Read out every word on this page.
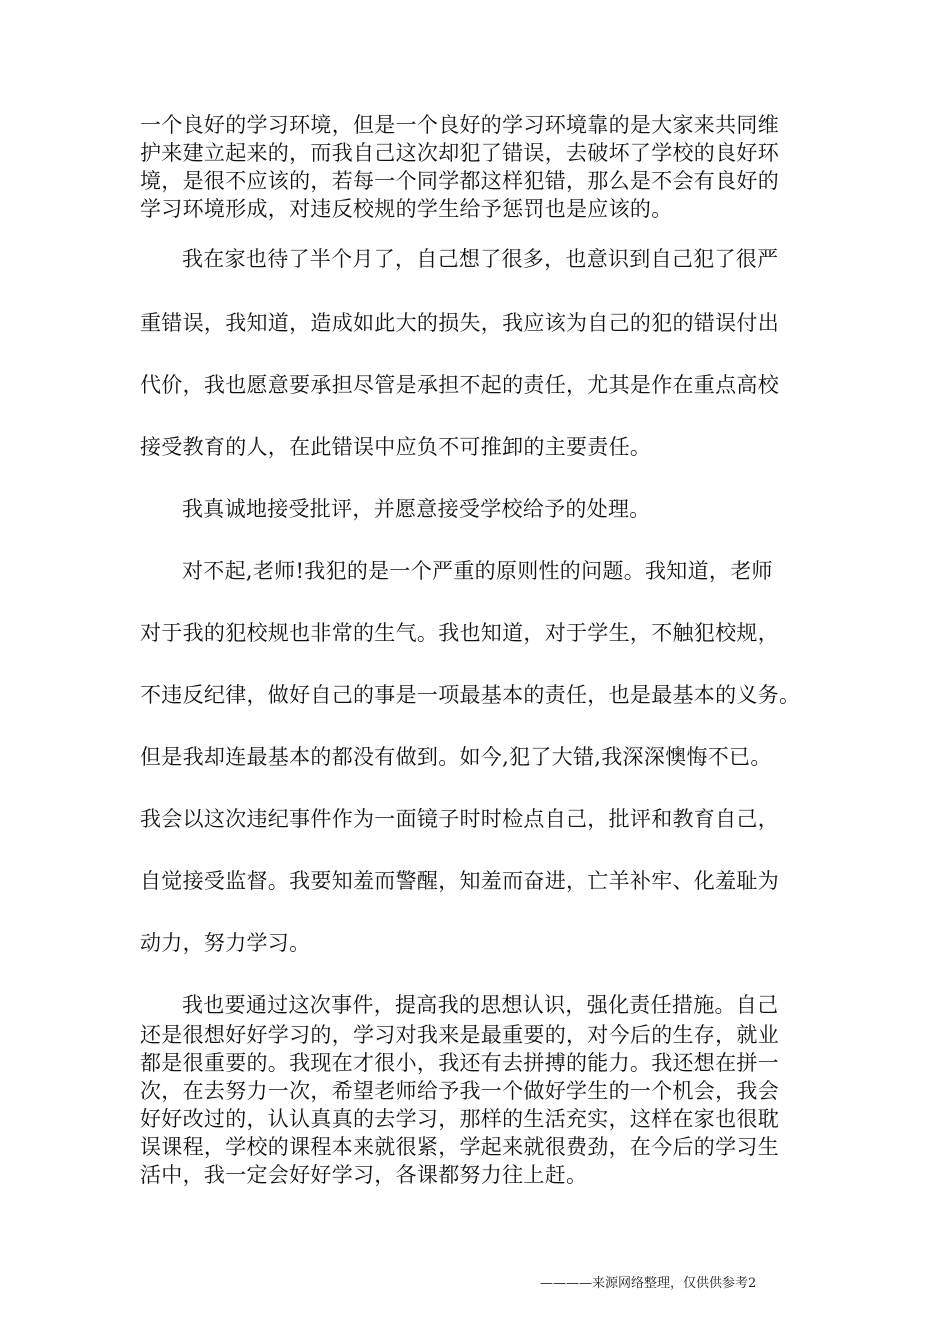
一个良好的学习环境，但是一个良好的学习环境靠的是大家来共同维
护来建立起来的，而我自己这次却犯了错误，去破坏了学校的良好环
境，是很不应该的，若每一个同学都这样犯错，那么是不会有良好的
学习环境形成，对违反校规的学生给予惩罚也是应该的。
我在家也待了半个月了，自己想了很多，也意识到自己犯了很严
重错误，我知道，造成如此大的损失，我应该为自己的犯的错误付出
代价，我也愿意要承担尽管是承担不起的责任，尤其是作在重点高校
接受教育的人，在此错误中应负不可推卸的主要责任。
我真诚地接受批评，并愿意接受学校给予的处理。
对不起,老师!我犯的是一个严重的原则性的问题。我知道，老师
对于我的犯校规也非常的生气。我也知道，对于学生，不触犯校规，
不违反纪律，做好自己的事是一项最基本的责任，也是最基本的义务。
但是我却连最基本的都没有做到。如今,犯了大错,我深深懊悔不已。
我会以这次违纪事件作为一面镜子时时检点自己，批评和教育自己，
自觉接受监督。我要知羞而警醒，知羞而奋进，亡羊补牢、化羞耻为
动力，努力学习。
我也要通过这次事件，提高我的思想认识，强化责任措施。自己
还是很想好好学习的，学习对我来是最重要的，对今后的生存，就业
都是很重要的。我现在才很小，我还有去拼搏的能力。我还想在拼一
次，在去努力一次，希望老师给予我一个做好学生的一个机会，我会
好好改过的，认认真真的去学习，那样的生活充实，这样在家也很耽
误课程，学校的课程本来就很紧，学起来就很费劲，在今后的学习生
活中，我一定会好好学习，各课都努力往上赶。
————来源网络整理，仅供供参考2
